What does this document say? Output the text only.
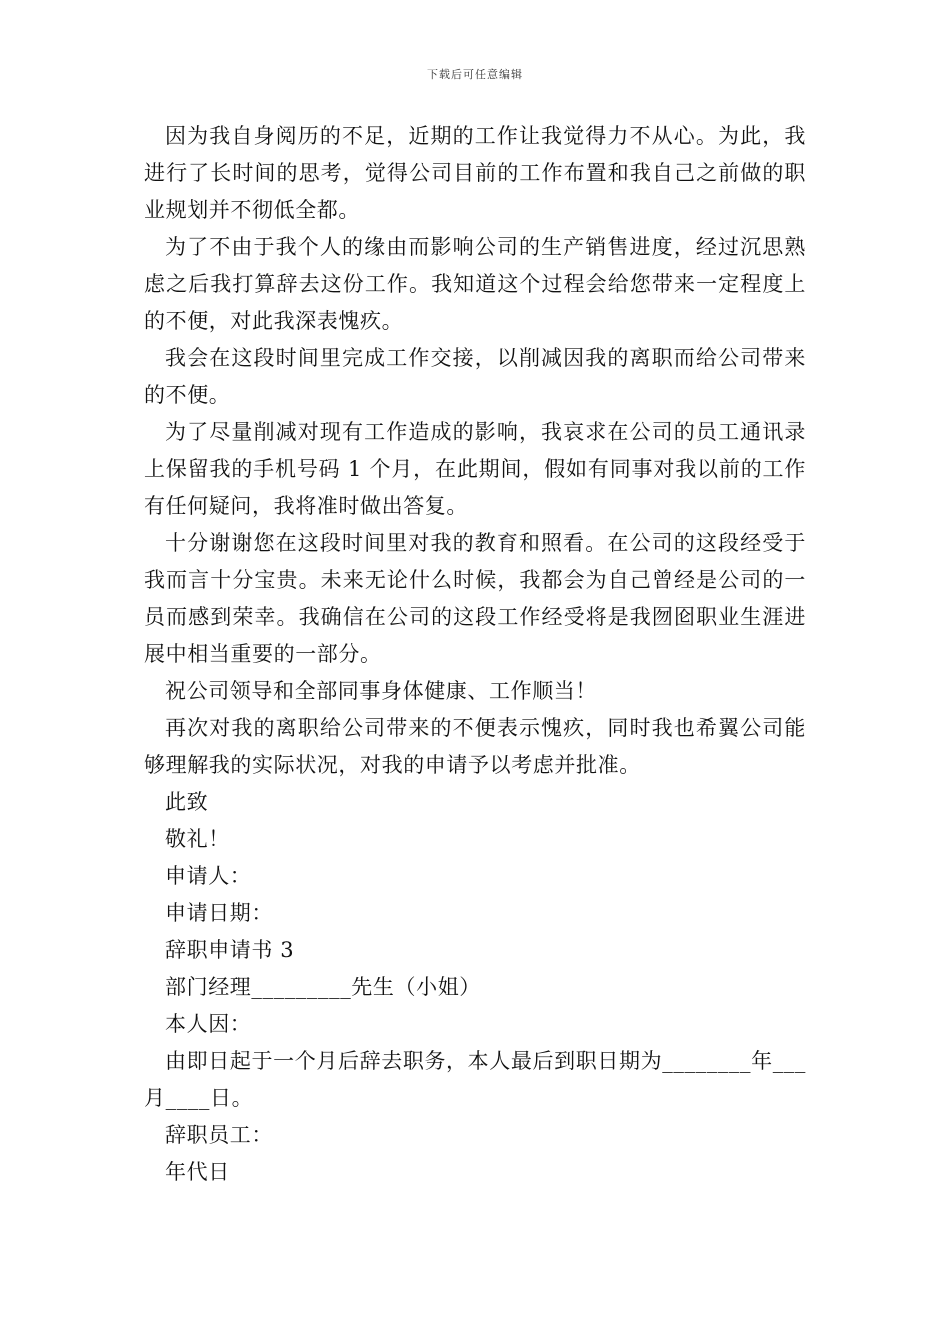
下载后可任意编辑

因为我自身阅历的不足，近期的工作让我觉得力不从心。为此，我进行了长时间的思考，觉得公司目前的工作布置和我自己之前做的职业规划并不彻低全都。

为了不由于我个人的缘由而影响公司的生产销售进度，经过沉思熟虑之后我打算辞去这份工作。我知道这个过程会给您带来一定程度上的不便，对此我深表愧疚。

我会在这段时间里完成工作交接，以削减因我的离职而给公司带来的不便。

为了尽量削减对现有工作造成的影响，我哀求在公司的员工通讯录上保留我的手机号码 1 个月，在此期间，假如有同事对我以前的工作有任何疑问，我将准时做出答复。

十分谢谢您在这段时间里对我的教育和照看。在公司的这段经受于我而言十分宝贵。未来无论什么时候，我都会为自己曾经是公司的一员而感到荣幸。我确信在公司的这段工作经受将是我囫囵职业生涯进展中相当重要的一部分。

祝公司领导和全部同事身体健康、工作顺当！

再次对我的离职给公司带来的不便表示愧疚，同时我也希翼公司能够理解我的实际状况，对我的申请予以考虑并批准。

此致

敬礼！

申请人：

申请日期：

辞职申请书 3

部门经理_________先生（小姐）

本人因：

由即日起于一个月后辞去职务，本人最后到职日期为________年___月____日。

辞职员工：

年代日
